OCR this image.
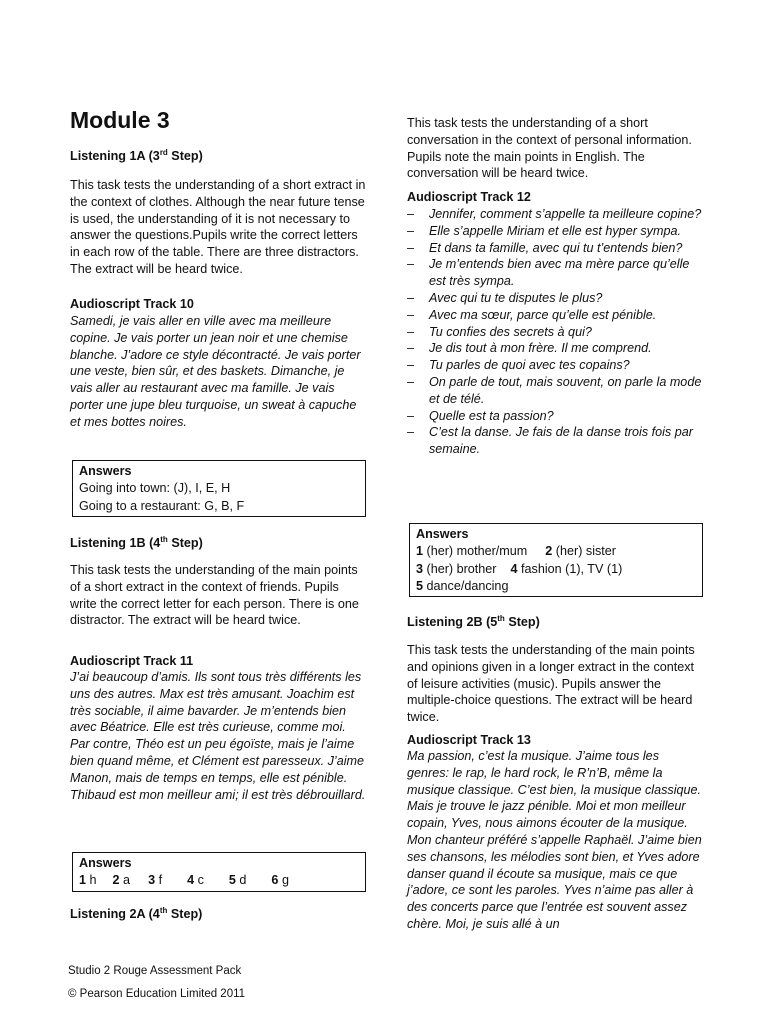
Module 3
Listening 1A (3rd Step)

This task tests the understanding of a short extract in the context of clothes. Although the near future tense is used, the understanding of it is not necessary to answer the questions.Pupils write the correct letters in each row of the table. There are three distractors. The extract will be heard twice.

Audioscript Track 10

Samedi, je vais aller en ville avec ma meilleure copine. Je vais porter un jean noir et une chemise blanche. J’adore ce style décontracté. Je vais porter une veste, bien sûr, et des baskets. Dimanche, je vais aller au restaurant avec ma famille. Je vais porter une jupe bleu turquoise, un sweat à capuche et mes bottes noires.

Answers
Going into town: (J), I, E, H
Going to a restaurant: G, B, F
Listening 1B (4th Step)

This task tests the understanding of the main points of a short extract in the context of friends. Pupils write the correct letter for each person. There is one distractor. The extract will be heard twice.

Audioscript Track 11

J’ai beaucoup d’amis. Ils sont tous très différents les uns des autres. Max est très amusant. Joachim est très sociable, il aime bavarder. Je m’entends bien avec Béatrice. Elle est très curieuse, comme moi. Par contre, Théo est un peu égoïste, mais je l’aime bien quand même, et Clément est paresseux. J’aime Manon, mais de temps en temps, elle est pénible. Thibaud est mon meilleur ami; il est très débrouillard.

Answers
1 h 2 a 3 f 4 c 5 d 6 g
Listening 2A (4th Step)

This task tests the understanding of a short conversation in the context of personal information. Pupils note the main points in English. The conversation will be heard twice.

Audioscript Track 12
– Jennifer, comment s’appelle ta meilleure copine?
– Elle s’appelle Miriam et elle est hyper sympa.
– Et dans ta famille, avec qui tu t’entends bien?
– Je m’entends bien avec ma mère parce qu’elle est très sympa.
– Avec qui tu te disputes le plus?
– Avec ma sœur, parce qu’elle est pénible.
– Tu confies des secrets à qui?
– Je dis tout à mon frère. Il me comprend.
– Tu parles de quoi avec tes copains?
– On parle de tout, mais souvent, on parle la mode et de télé.
– Quelle est ta passion?
– C’est la danse. Je fais de la danse trois fois par semaine.
Answers
1 (her) mother/mum 2 (her) sister
3 (her) brother 4 fashion (1), TV (1)
5 dance/dancing
Listening 2B (5th Step)

This task tests the understanding of the main points and opinions given in a longer extract in the context of leisure activities (music). Pupils answer the multiple-choice questions. The extract will be heard twice.

Audioscript Track 13

Ma passion, c’est la musique. J’aime tous les genres: le rap, le hard rock, le R’n’B, même la musique classique. C’est bien, la musique classique. Mais je trouve le jazz pénible. Moi et mon meilleur copain, Yves, nous aimons écouter de la musique. Mon chanteur préféré s’appelle Raphaël. J’aime bien ses chansons, les mélodies sont bien, et Yves adore danser quand il écoute sa musique, mais ce que j’adore, ce sont les paroles. Yves n’aime pas aller à des concerts parce que l’entrée est souvent assez chère. Moi, je suis allé à un

Studio 2 Rouge Assessment Pack
© Pearson Education Limited 2011
